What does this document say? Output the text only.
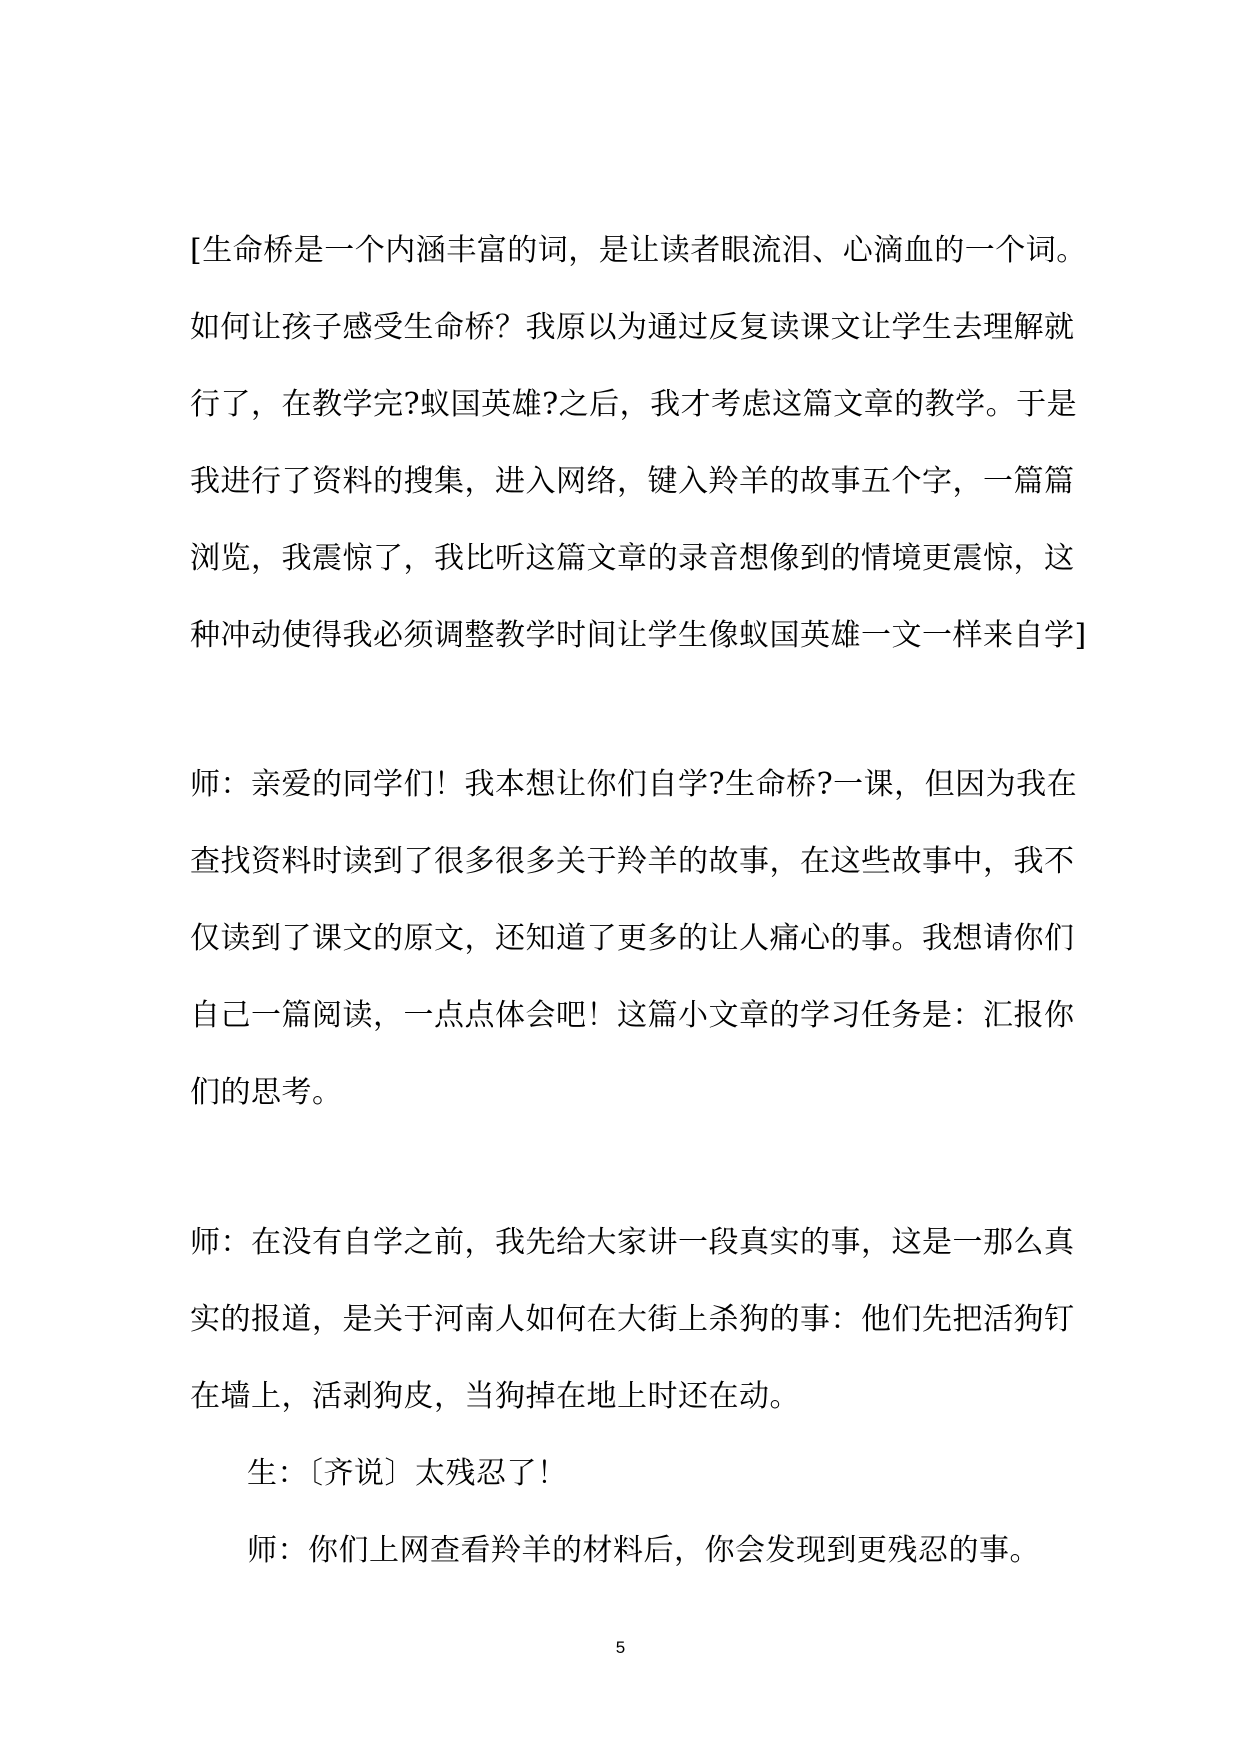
[生命桥是一个内涵丰富的词，是让读者眼流泪、心滴血的一个词。
如何让孩子感受生命桥？我原以为通过反复读课文让学生去理解就
行了，在教学完?蚁国英雄?之后，我才考虑这篇文章的教学。于是
我进行了资料的搜集，进入网络，键入羚羊的故事五个字，一篇篇
浏览，我震惊了，我比听这篇文章的录音想像到的情境更震惊，这
种冲动使得我必须调整教学时间让学生像蚁国英雄一文一样来自学]
师：亲爱的同学们！我本想让你们自学?生命桥?一课，但因为我在
查找资料时读到了很多很多关于羚羊的故事，在这些故事中，我不
仅读到了课文的原文，还知道了更多的让人痛心的事。我想请你们
自己一篇阅读，一点点体会吧！这篇小文章的学习任务是：汇报你
们的思考。
师：在没有自学之前，我先给大家讲一段真实的事，这是一那么真
实的报道，是关于河南人如何在大街上杀狗的事：他们先把活狗钉
在墙上，活剥狗皮，当狗掉在地上时还在动。
生：〔齐说〕太残忍了！
师：你们上网查看羚羊的材料后，你会发现到更残忍的事。
5
